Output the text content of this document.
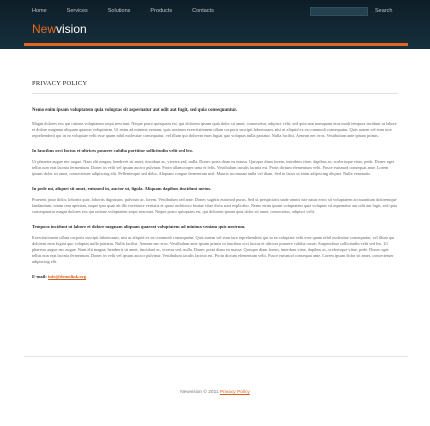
Home	Services	Solutions	Products	Contacts	Search
Newvision
PRIVACY POLICY

Nemo enim ipsam voluptatem quia voluptas sit aspernatur aut odit aut fugit, sed quia consequuntur.

Magni dolores eos qui ratione voluptatem sequi nesciunt. Neque porro quisquam est, qui dolorem ipsum quia dolor sit amet, consectetur, adipisci velit, sed quia non numquam eius modi tempora incidunt ut labore et dolore magnam aliquam quaerat voluptatem. Ut enim ad minima veniam, quis nostrum exercitationem ullam corporis suscipit laboriosam, nisi ut aliquid ex ea commodi consequatur. Quis autem vel eum iure reprehenderit qui in ea voluptate velit esse quam nihil molestiae consequatur, vel illum qui dolorem eum fugiat quo voluptas nulla pariatur. Nulla facilisi. Aenean nec eros. Vestibulum ante ipsum primis.

In faucibus orci luctus et ultrices posuere cubilia porttitor sollicitudin velit sed leo.

Ut pharetra augue nec augue. Nam elit magna, hendrerit sit amet, tincidunt ac, viverra sed, nulla. Donec porta diam eu massa. Quisque diam lorem, interdum vitae, dapibus ac, scelerisque vitae, pede. Donec eget tellus non erat lacinia fermentum. Donec in velit vel ipsum auctor pulvinar. Proin ullamcorper urna et felis. Vestibulum iaculis lacinia est. Proin dictum elementum velit. Fusce euismod consequat ante. Lorem ipsum dolor sit amet, consectetuer adipiscing elit. Pellentesque sed dolor. Aliquam congue fermentum nisl. Mauris accumsan nulla vel diam. Sed in lacus ut enim adipiscing aliquet. Nulla venenatis.

In pede mi, aliquet sit amet, euismod in, auctor ut, ligula. Aliquam dapibus tincidunt metus.

Praesent justo dolor, lobortis quis, lobortis dignissim, pulvinar ac, lorem. Vestibulum sed ante. Donec sagittis euismod purus. Sed ut perspiciatis unde omnis iste natus error sit voluptatem accusantium doloremque laudantium, totam rem aperiam, eaque ipsa quae ab illo inventore veritatis et quasi architecto beatae vitae dicta sunt explicabo. Nemo enim ipsam voluptatem quia voluptas sit aspernatur aut odit aut fugit, sed quia consequuntur magni dolores eos qui ratione voluptatem sequi nesciunt. Neque porro quisquam est, qui dolorem ipsum quia dolor sit amet, consectetur, adipisci velit.

Tempora incidunt ut labore et dolore magnam aliquam quaerat voluptatem ad minima veniam quis nostrum.

Exercitationem ullam corporis suscipit laboriosam, nisi ut aliquid ex ea commodi consequatur. Quis autem vel eum iure reprehenderit qui in ea voluptate velit esse quam nihil molestiae consequatur, vel illum qui dolorem eum fugiat quo voluptas nulla pariatur. Nulla facilisi. Aenean nec eros. Vestibulum ante ipsum primis in faucibus orci luctus et ultrices posuere cubilia curae; Suspendisse sollicitudin velit sed leo. Ut pharetra augue nec augue. Nam elit magna, hendrerit sit amet, tincidunt ac, viverra sed, nulla. Donec porta diam eu massa. Quisque diam lorem, interdum vitae, dapibus ac, scelerisque vitae, pede. Donec eget tellus non erat lacinia fermentum. Donec in velit vel ipsum auctor pulvinar. Vestibulum iaculis lacinia est. Proin dictum elementum velit. Fusce euismod consequat ante. Lorem ipsum dolor sit amet, consectetuer adipiscing elit.

E-mail: info@demolink.org

Newvision © 2011 Privacy Policy
